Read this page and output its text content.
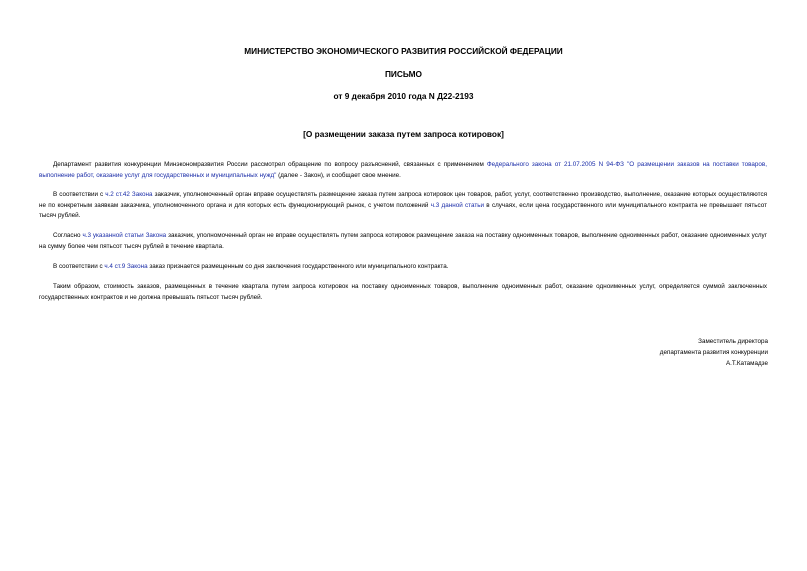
МИНИСТЕРСТВО ЭКОНОМИЧЕСКОГО РАЗВИТИЯ РОССИЙСКОЙ ФЕДЕРАЦИИ
ПИСЬМО
от 9 декабря 2010 года N Д22-2193
[О размещении заказа путем запроса котировок]

Департамент развития конкуренции Минэкономразвития России рассмотрел обращение по вопросу разъяснений, связанных с применением Федерального закона от 21.07.2005 N 94-ФЗ "О размещении заказов на поставки товаров, выполнение работ, оказание услуг для государственных и муниципальных нужд" (далее - Закон), и сообщает свое мнение.

В соответствии с ч.2 ст.42 Закона заказчик, уполномоченный орган вправе осуществлять размещение заказа путем запроса котировок цен товаров, работ, услуг, соответственно производство, выполнение, оказание которых осуществляются не по конкретным заявкам заказчика, уполномоченного органа и для которых есть функционирующий рынок, с учетом положений ч.3 данной статьи в случаях, если цена государственного или муниципального контракта не превышает пятьсот тысяч рублей.

Согласно ч.3 указанной статьи Закона заказчик, уполномоченный орган не вправе осуществлять путем запроса котировок размещение заказа на поставку одноименных товаров, выполнение одноименных работ, оказание одноименных услуг на сумму более чем пятьсот тысяч рублей в течение квартала.

В соответствии с ч.4 ст.9 Закона заказ признается размещенным со дня заключения государственного или муниципального контракта.

Таким образом, стоимость заказов, размещенных в течение квартала путем запроса котировок на поставку одноименных товаров, выполнение одноименных работ, оказание одноименных услуг, определяется суммой заключенных государственных контрактов и не должна превышать пятьсот тысяч рублей.

Заместитель директора
департамента развития конкуренции
А.Т.Катамадзе
